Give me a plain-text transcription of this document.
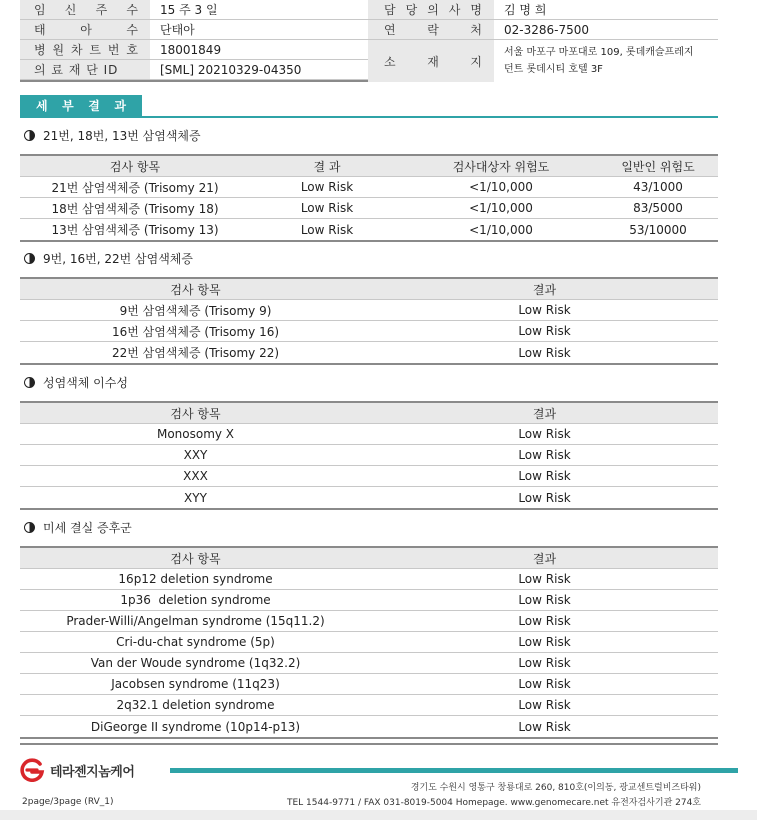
임 신 주 수	15 주 3 일	담 당 의 사 명	김 명 희
태	아	수	단태아	연	락	처	02-3286-7500
병 원 차 트 번 호	18001849
의 료 재 단 ID	[SML] 20210329-04350
소	재	지
서울 마포구 마포대로 109, 롯데캐슬프레지
던트 롯데시티 호텔 3F
세 부 결 과
21번, 18번, 13번 삼염색체증
검사 항목	결 과	검사대상자 위험도	일반인 위험도
21번 삼염색체증 (Trisomy 21)	Low Risk	<1/10,000	43/1000
18번 삼염색체증 (Trisomy 18)	Low Risk	<1/10,000	83/5000
13번 삼염색체증 (Trisomy 13)	Low Risk	<1/10,000	53/10000
9번, 16번, 22번 삼염색체증
검사 항목	결과
9번 삼염색체증 (Trisomy 9)	Low Risk
16번 삼염색체증 (Trisomy 16)	Low Risk
22번 삼염색체증 (Trisomy 22)	Low Risk
성염색체 이수성
검사 항목	결과
Monosomy X	Low Risk
XXY	Low Risk
XXX	Low Risk
XYY	Low Risk
미세 결실 증후군
검사 항목	결과
16p12 deletion syndrome	Low Risk
1p36  deletion syndrome	Low Risk
Prader-Willi/Angelman syndrome (15q11.2)	Low Risk
Cri-du-chat syndrome (5p)	Low Risk
Van der Woude syndrome (1q32.2)	Low Risk
Jacobsen syndrome (11q23)	Low Risk
2q32.1 deletion syndrome	Low Risk
DiGeorge II syndrome (10p14-p13)	Low Risk
테라젠지놈케어
경기도 수원시 영통구 창룡대로 260, 810호(이의동, 광교센트럴비즈타워)
TEL 1544-9771 / FAX 031-8019-5004 Homepage. www.genomecare.net 유전자검사기관 274호
2page/3page (RV_1)
